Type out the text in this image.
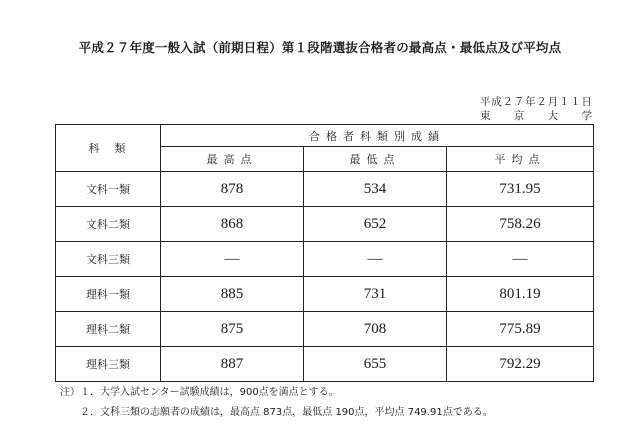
平成２７年度一般入試（前期日程）第１段階選抜合格者の最高点・最低点及び平均点
平成２７年２月１１日
東 京 大 学
科　類	合格者科類別成績		
	最高点	最低点	平均点
文科一類	878	534	731.95
文科二類	868	652	758.26
文科三類	—	—	—
理科一類	885	731	801.19
理科二類	875	708	775.89
理科三類	887	655	792.29
注）１．大学入試センター試験成績は，900点を満点とする。
２．文科三類の志願者の成績は，最高点 873点，最低点 190点，平均点 749.91点である。
